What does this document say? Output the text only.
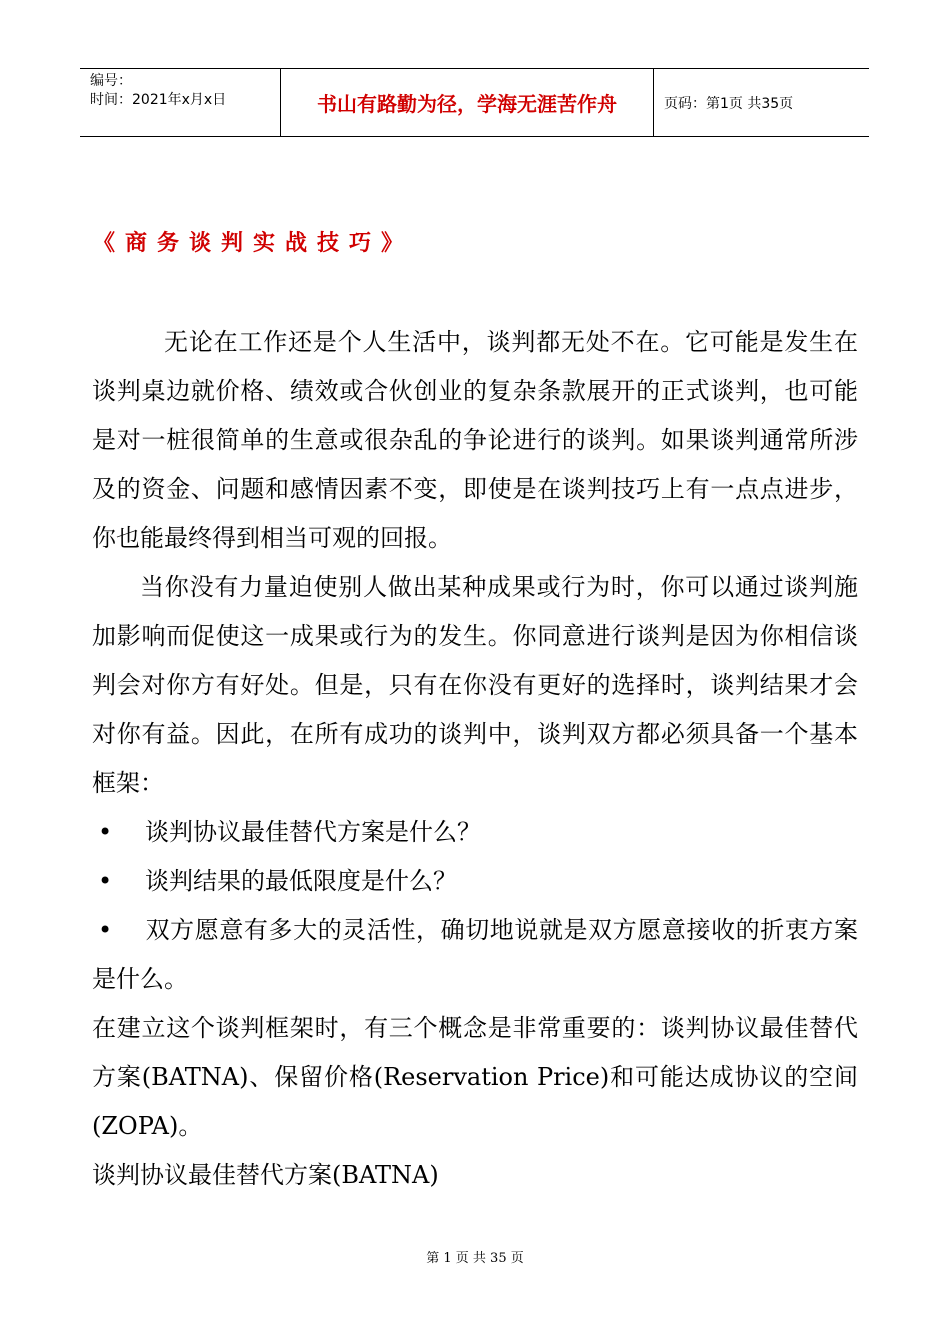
编号：
时间：2021年x月x日	书山有路勤为径，学海无涯苦作舟	页码：第1页 共35页
《商务谈判实战技巧》

无论在工作还是个人生活中，谈判都无处不在。它可能是发生在谈判桌边就价格、绩效或合伙创业的复杂条款展开的正式谈判，也可能是对一桩很简单的生意或很杂乱的争论进行的谈判。如果谈判通常所涉及的资金、问题和感情因素不变，即使是在谈判技巧上有一点点进步，你也能最终得到相当可观的回报。

当你没有力量迫使别人做出某种成果或行为时，你可以通过谈判施加影响而促使这一成果或行为的发生。你同意进行谈判是因为你相信谈判会对你方有好处。但是，只有在你没有更好的选择时，谈判结果才会对你有益。因此，在所有成功的谈判中，谈判双方都必须具备一个基本框架：

•	谈判协议最佳替代方案是什么？

•	谈判结果的最低限度是什么？

• 双方愿意有多大的灵活性，确切地说就是双方愿意接收的折衷方案是什么。

在建立这个谈判框架时，有三个概念是非常重要的：谈判协议最佳替代方案(BATNA)、保留价格(Reservation Price)和可能达成协议的空间(ZOPA)。

谈判协议最佳替代方案(BATNA)

第 1 页 共 35 页
